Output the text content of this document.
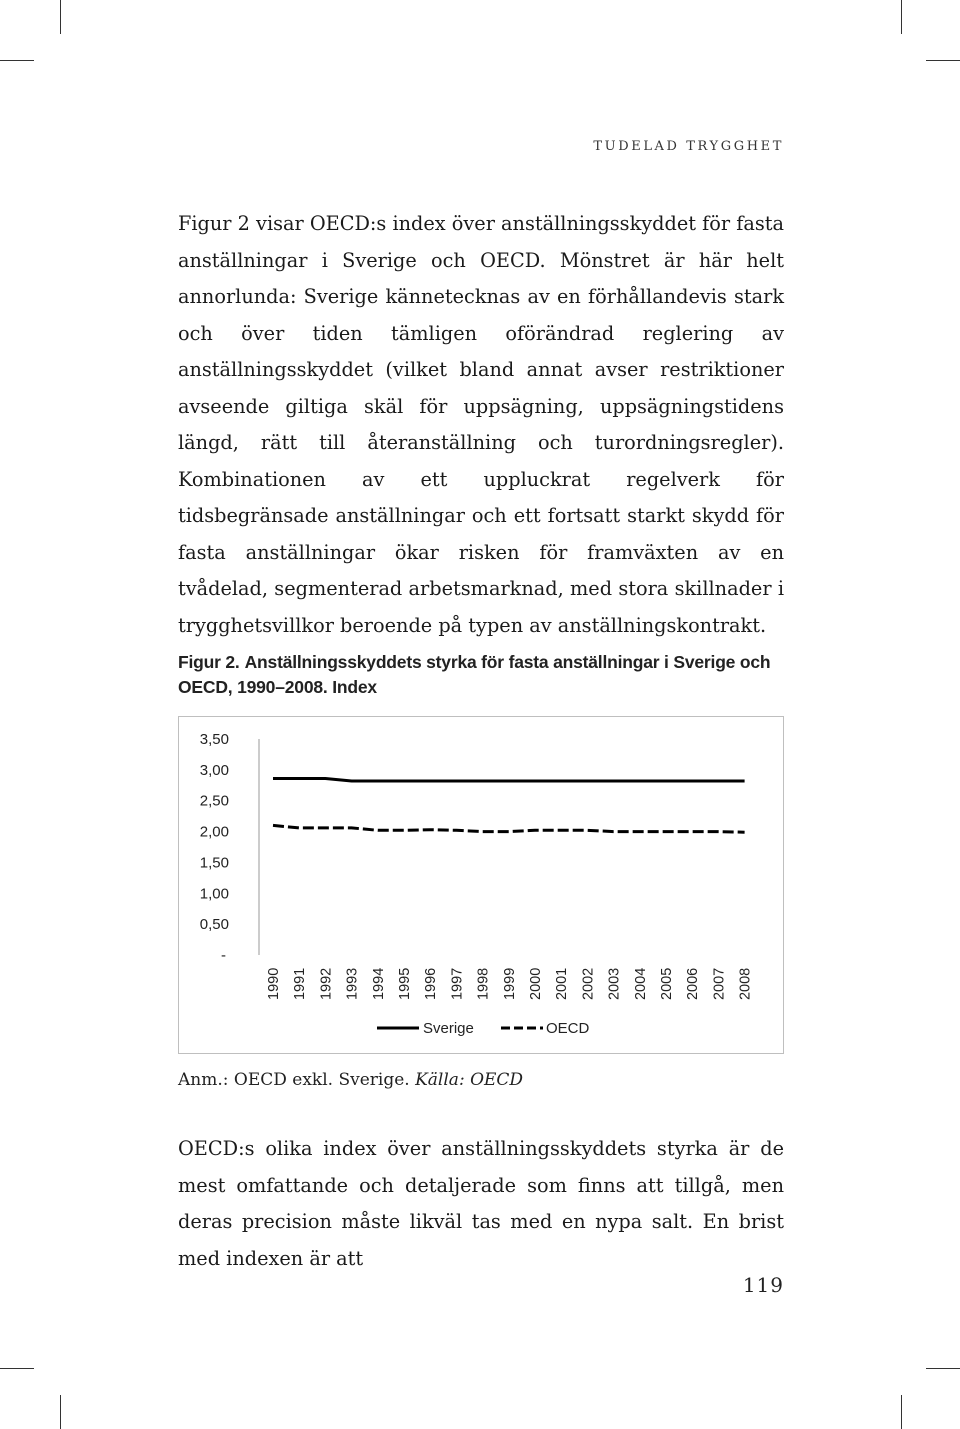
TUDELAD TRYGGHET

Figur 2 visar OECD:s index över anställningsskyddet för fasta anställningar i Sverige och OECD. Mönstret är här helt annorlunda: Sverige kännetecknas av en förhållandevis stark och över tiden tämligen oförändrad reglering av anställningsskyddet (vilket bland annat avser restriktioner avseende giltiga skäl för uppsägning, uppsägningstidens längd, rätt till återanställning och turordningsregler). Kombinationen av ett uppluckrat regelverk för tidsbegränsade anställningar och ett fortsatt starkt skydd för fasta anställningar ökar risken för framväxten av en tvådelad, segmenterad arbetsmarknad, med stora skillnader i trygghetsvillkor beroende på typen av anställningskontrakt.

Figur 2. Anställningsskyddets styrka för fasta anställningar i Sverige och OECD, 1990–2008. Index

-
0,50
1,00
1,50
2,00
2,50
3,00
3,50
1990 1991 1992 1993 1994 1995 1996 1997 1998 1999 2000 2001 2002 2003 2004 2005 2006 2007 2008
Sverige	OECD
Anm.: OECD exkl. Sverige. Källa: OECD

OECD:s olika index över anställningsskyddets styrka är de mest omfattande och detaljerade som finns att tillgå, men deras precision måste likväl tas med en nypa salt. En brist med indexen är att

119
